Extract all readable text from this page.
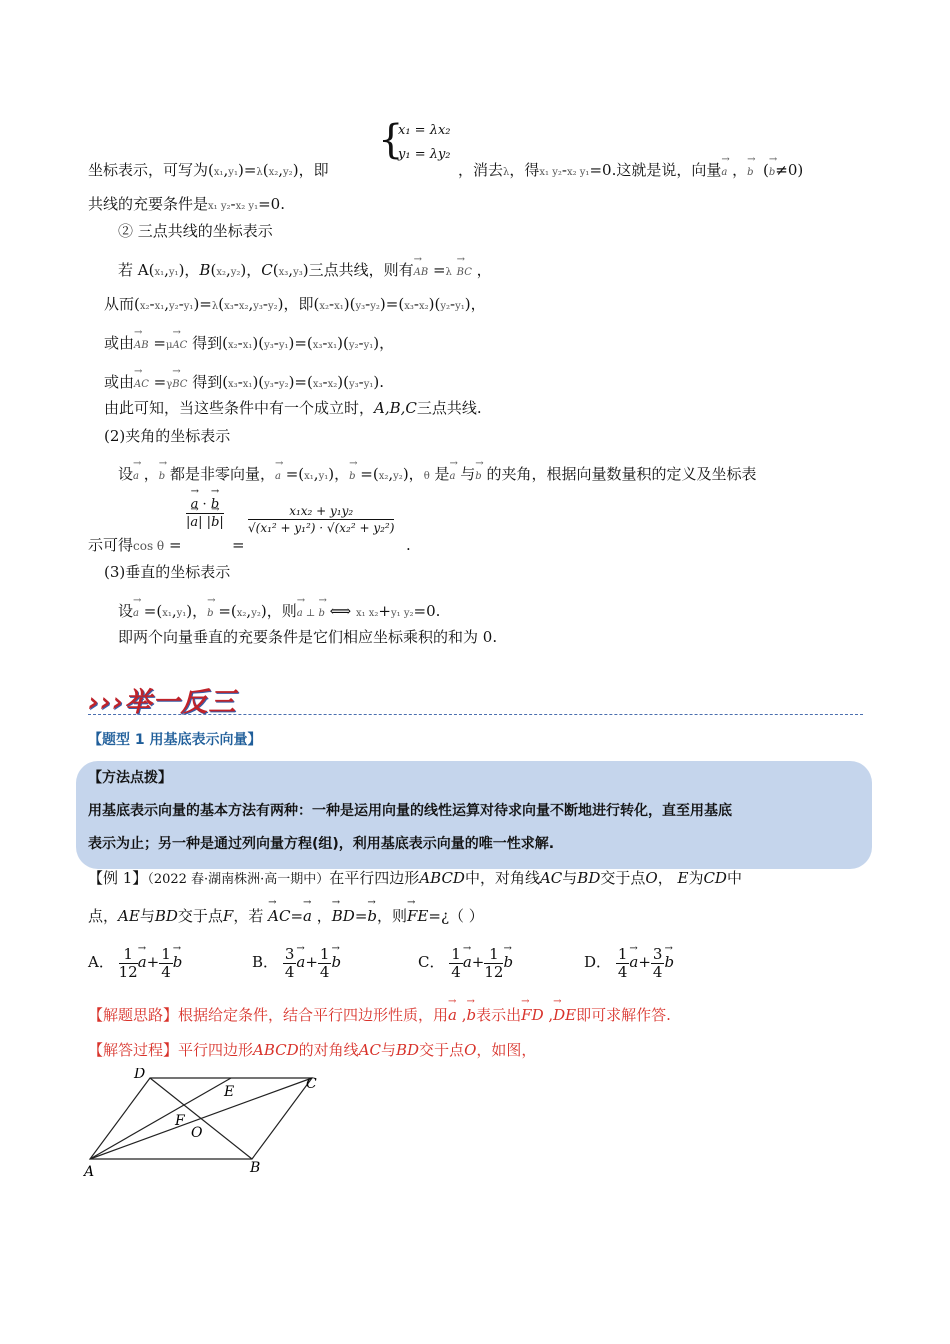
{
x₁ = λx₂
y₁ = λy₂
坐标表示，可写为(x₁,y₁)=λ(x₂,y₂)，即	，消去λ，得x₁ y₂-x₂ y₁=0.这就是说，向量→ a ，→ b  (→ b≠0)
共线的充要条件是x₁ y₂-x₂ y₁=0.
② 三点共线的坐标表示
若 A(x₁,y₁)，B(x₂,y₂)，C(x₃,y₃)三点共线，则有→ AB =λ → BC ，
从而(x₂-x₁,y₂-y₁)=λ(x₃-x₂,y₃-y₂)，即(x₂-x₁)(y₃-y₂)=(x₃-x₂)(y₂-y₁)，
或由→ AB =μ→ AC 得到(x₂-x₁)(y₃-y₁)=(x₃-x₁)(y₂-y₁)，
或由→ AC =γ→ BC 得到(x₃-x₁)(y₃-y₂)=(x₃-x₂)(y₃-y₁).
由此可知，当这些条件中有一个成立时，A,B,C三点共线.
(2)夹角的坐标表示
设→ a ，→ b 都是非零向量，→ a =(x₁,y₁)，→ b =(x₂,y₂)，θ 是→ a 与→ b 的夹角，根据向量数量积的定义及坐标表
示可得cos θ =
→ a · → b
|→ a| |→ b|
=
x₁x₂ + y₁y₂
√(x₁² + y₁²) · √(x₂² + y₂²)
.
(3)垂直的坐标表示
设→ a =(x₁,y₁)，→ b =(x₂,y₂)，则→ a ⊥ → b ⟺ x₁ x₂+y₁ y₂=0.
即两个向量垂直的充要条件是它们相应坐标乘积的和为 0.
›››举一反三
【题型 1 用基底表示向量】
【方法点拨】
用基底表示向量的基本方法有两种：一种是运用向量的线性运算对待求向量不断地进行转化，直至用基底
表示为止；另一种是通过列向量方程(组)，利用基底表示向量的唯一性求解.
【例 1】（2022 春·湖南株洲·高一期中）在平行四边形ABCD中，对角线AC与BD交于点O， E为CD中
点，AE与BD交于点F，若 → AC=→ a ，→ BD=→ b，则→ FE=¿（ ）
A． $\frac{1}{12}$
→ $a+ \frac{1}{4}$
→ b	B． $\frac{3}{4}$
→ $a+ \frac{1}{4}$
→ b	C． $\frac{1}{4}$
→ $a+ \frac{1}{12}$
→ b	D． $\frac{1}{4}$
→ $a+ \frac{3}{4}$
→ b
【解题思路】根据给定条件，结合平行四边形性质，用→ a ,→ b表示出→ FD ,→ DE即可求解作答.
【解答过程】平行四边形ABCD的对角线AC与BD交于点O，如图，
A	B
C
D
E
F
O
